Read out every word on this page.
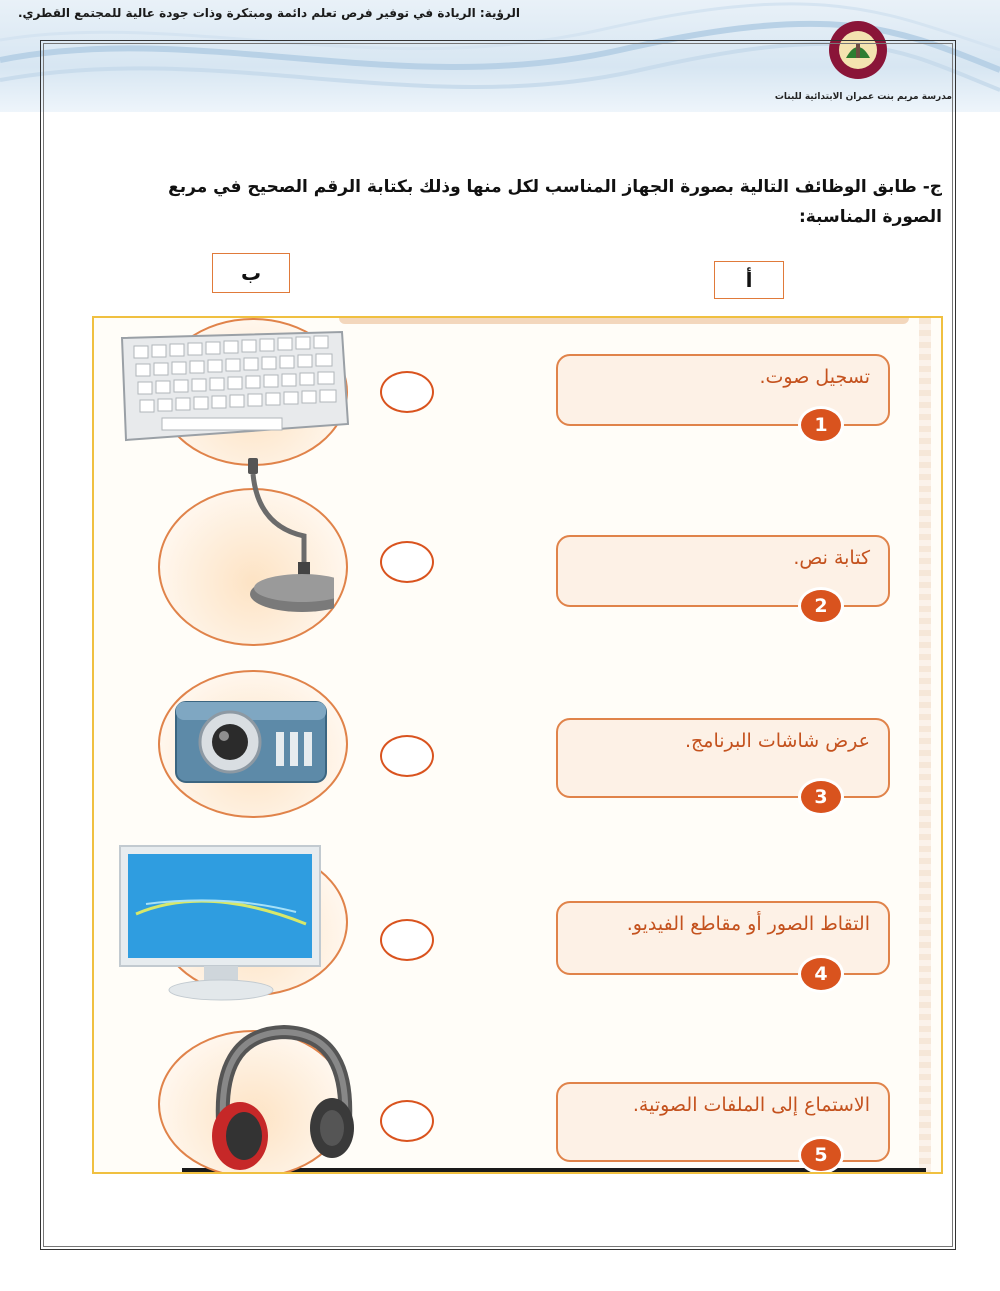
الرؤية: الريادة في توفير فرص تعلم دائمة ومبتكرة وذات جودة عالية للمجتمع القطري.
مدرسة مريم بنت عمران الابتدائية للبنات
ج- طابق الوظائف التالية بصورة الجهاز المناسب لكل منها وذلك بكتابة الرقم الصحيح في مربع الصورة المناسبة:
ب	أ
تسجيل صوت.
1
كتابة نص.
2
عرض شاشات البرنامج.
3
التقاط الصور أو مقاطع الفيديو.
4
الاستماع إلى الملفات الصوتية.
5
